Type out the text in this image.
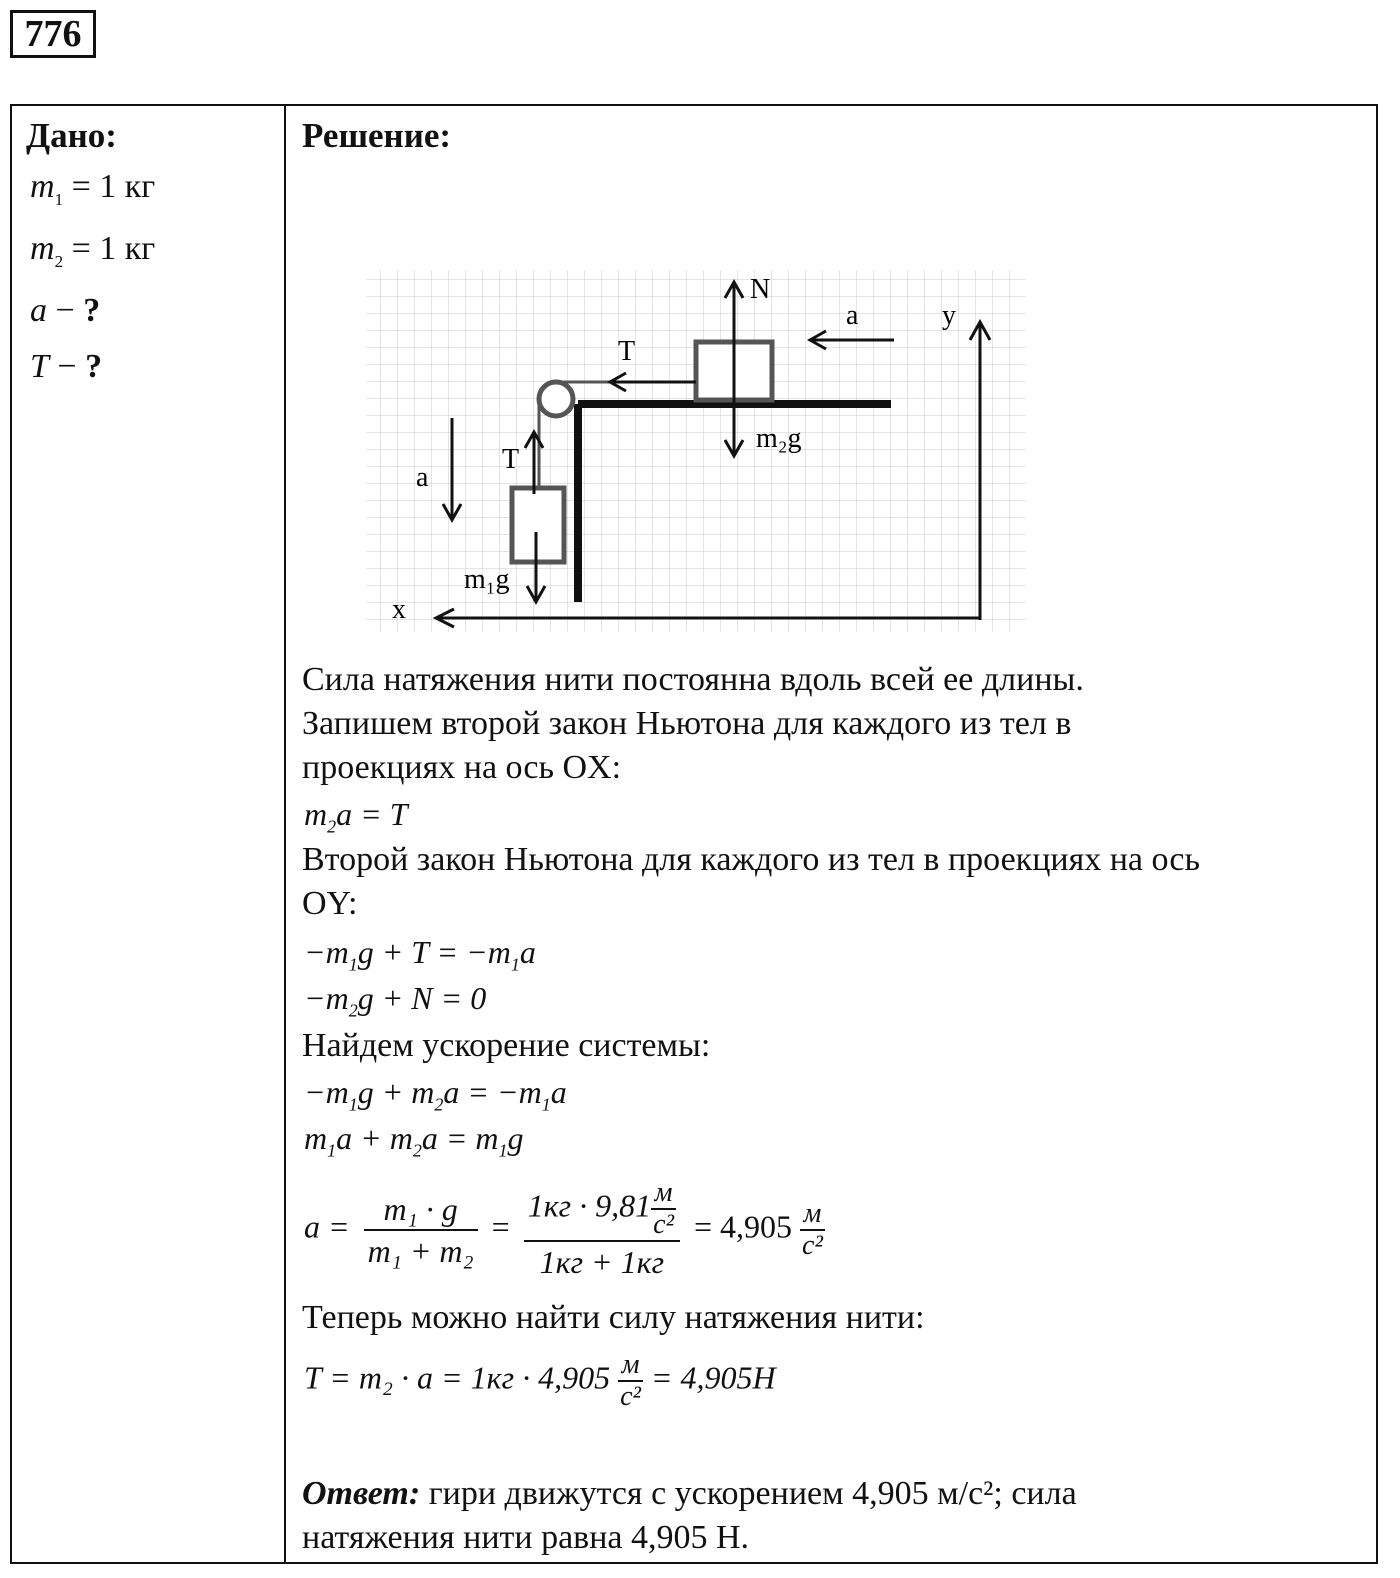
776
Дано:
$m_1 = 1$ кг
$m_2 = 1$ кг
a − ?
T − ?

Решение:
N
m₂g
a
T
T
m₁g
a
y
x
Сила натяжения нити постоянна вдоль всей ее длины.
Запишем второй закон Ньютона для каждого из тел в
проекциях на ось OX:
$m_2a = T$
Второй закон Ньютона для каждого из тел в проекциях на ось
OY:
$-m_1g + T = -m_1a$
$-m_2g + N = 0$
Найдем ускорение системы:
$-m_1g + m_2a = -m_1a$
$m_1a + m_2a = m_1g$
$a = \frac{\text{m₁ · g}}{\text{m₁ + m₂}} = 1кг \cdot 9,81$ м
с²
1кг + 1кг = 4,905 м
с²
Теперь можно найти силу натяжения нити:
T = m₂ · a = 1кг · 4,905 м
с²
= 4,905H
Ответ: гири движутся с ускорением 4,905 м/с²; сила
натяжения нити равна 4,905 Н.
